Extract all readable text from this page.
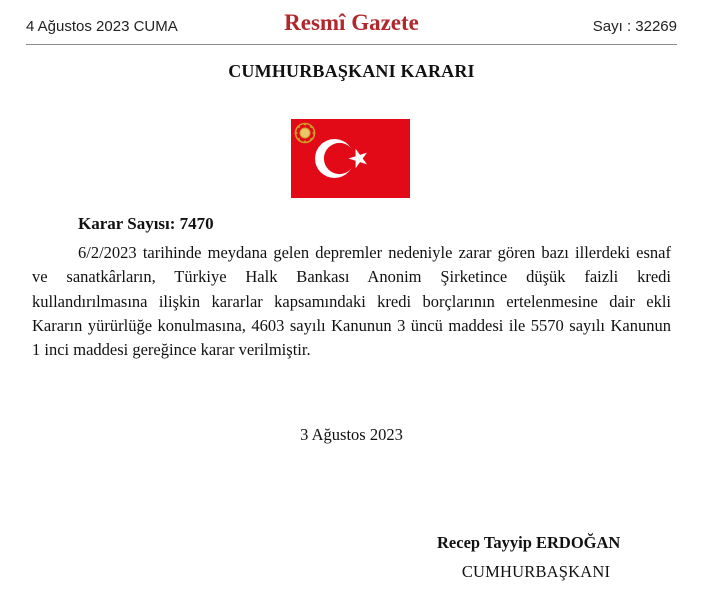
4 Ağustos 2023 CUMA	Resmî Gazete	Sayı : 32269
CUMHURBAŞKANI KARARI
Karar Sayısı: 7470
6/2/2023 tarihinde meydana gelen depremler nedeniyle zarar gören bazı illerdeki esnaf
ve sanatkârların, Türkiye Halk Bankası Anonim Şirketince düşük faizli kredi
kullandırılmasına ilişkin kararlar kapsamındaki kredi borçlarının ertelenmesine dair ekli
Kararın yürürlüğe konulmasına, 4603 sayılı Kanunun 3 üncü maddesi ile 5570 sayılı Kanunun
1 inci maddesi gereğince karar verilmiştir.
3 Ağustos 2023
Recep Tayyip ERDOĞAN
CUMHURBAŞKANI
